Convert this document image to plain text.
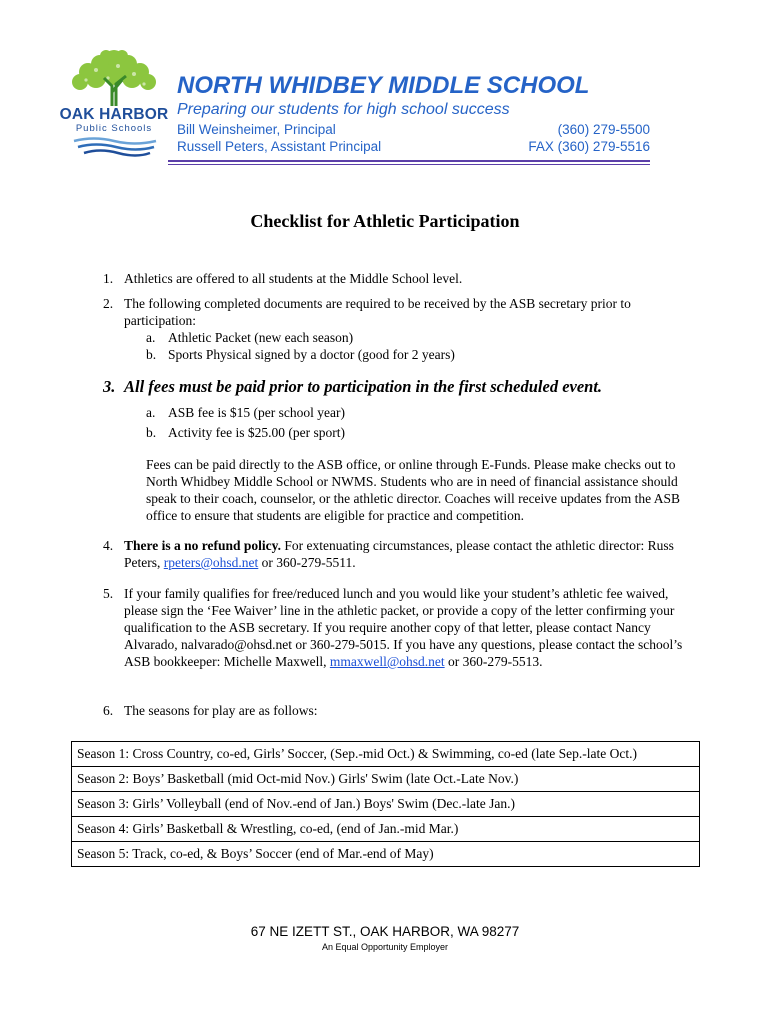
OAK HARBOR
Public Schools
NORTH WHIDBEY MIDDLE SCHOOL
Preparing our students for high school success
Bill Weinsheimer, Principal
Russell Peters, Assistant Principal
(360) 279-5500
FAX (360) 279-5516
Checklist for Athletic Participation
1. Athletics are offered to all students at the Middle School level.
2. The following completed documents are required to be received by the ASB secretary prior to participation:
a. Athletic Packet (new each season)
b. Sports Physical signed by a doctor (good for 2 years)
3. All fees must be paid prior to participation in the first scheduled event.
a. ASB fee is $15 (per school year)
b. Activity fee is $25.00 (per sport)
Fees can be paid directly to the ASB office, or online through E-Funds. Please make checks out to North Whidbey Middle School or NWMS. Students who are in need of financial assistance should speak to their coach, counselor, or the athletic director. Coaches will receive updates from the ASB office to ensure that students are eligible for practice and competition.
4. There is a no refund policy. For extenuating circumstances, please contact the athletic director: Russ Peters, rpeters@ohsd.net or 360-279-5511.
5. If your family qualifies for free/reduced lunch and you would like your student’s athletic fee waived, please sign the ‘Fee Waiver’ line in the athletic packet, or provide a copy of the letter confirming your qualification to the ASB secretary. If you require another copy of that letter, please contact Nancy Alvarado, nalvarado@ohsd.net or 360-279-5015. If you have any questions, please contact the school’s ASB bookkeeper: Michelle Maxwell, mmaxwell@ohsd.net or 360-279-5513.
6. The seasons for play are as follows:
Season 1: Cross Country, co-ed, Girls’ Soccer, (Sep.-mid Oct.) & Swimming, co-ed (late Sep.-late Oct.)
Season 2: Boys’ Basketball (mid Oct-mid Nov.) Girls' Swim (late Oct.-Late Nov.)
Season 3: Girls’ Volleyball (end of Nov.-end of Jan.) Boys' Swim (Dec.-late Jan.)
Season 4: Girls’ Basketball & Wrestling, co-ed, (end of Jan.-mid Mar.)
Season 5: Track, co-ed, & Boys’ Soccer (end of Mar.-end of May)
67 NE IZETT ST., OAK HARBOR, WA 98277
An Equal Opportunity Employer
